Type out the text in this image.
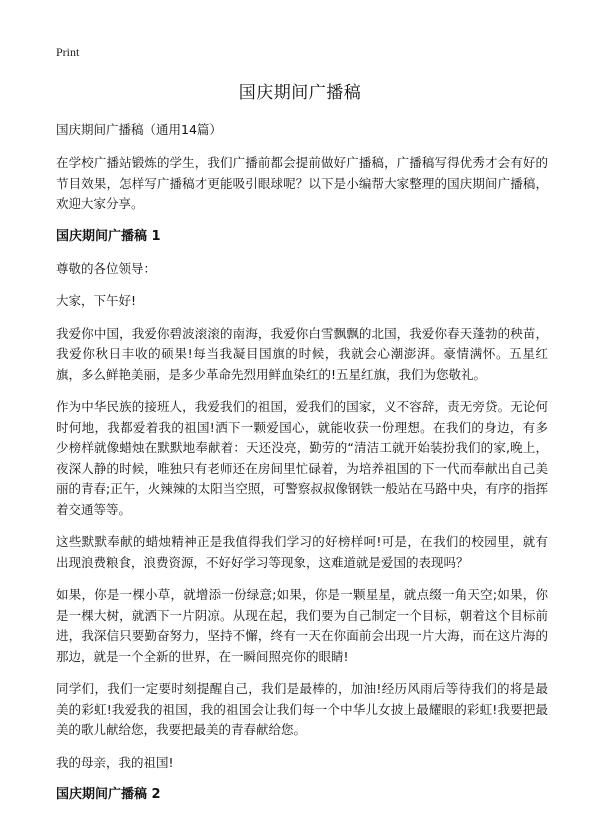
Print
国庆期间广播稿
国庆期间广播稿（通用14篇）

在学校广播站锻炼的学生，我们广播前都会提前做好广播稿，广播稿写得优秀才会有好的节目效果，怎样写广播稿才更能吸引眼球呢？以下是小编帮大家整理的国庆期间广播稿，欢迎大家分享。

国庆期间广播稿 1

尊敬的各位领导：

大家，下午好!

我爱你中国，我爱你碧波滚滚的南海，我爱你白雪飘飘的北国，我爱你春天蓬勃的秧苗，我爱你秋日丰收的硕果!每当我凝目国旗的时候，我就会心潮澎湃。豪情满怀。五星红旗，多么鲜艳美丽，是多少革命先烈用鲜血染红的!五星红旗，我们为您敬礼。

作为中华民族的接班人，我爱我们的祖国，爱我们的国家，义不容辞，责无旁贷。无论何时何地，我都爱着我的祖国!洒下一颗爱国心，就能收获一份理想。在我们的身边，有多少榜样就像蜡烛在默默地奉献着：天还没亮，勤劳的“清洁工就开始装扮我们的家,晚上，夜深人静的时候，唯独只有老师还在房间里忙碌着，为培养祖国的下一代而奉献出自己美丽的青春;正午，火辣辣的太阳当空照，可警察叔叔像钢铁一般站在马路中央，有序的指挥着交通等等。

这些默默奉献的蜡烛精神正是我值得我们学习的好榜样呵!可是，在我们的校园里，就有出现浪费粮食，浪费资源，不好好学习等现象，这难道就是爱国的表现吗？

如果，你是一棵小草，就增添一份绿意;如果，你是一颗星星，就点缀一角天空;如果，你是一棵大树，就洒下一片阴凉。从现在起，我们要为自己制定一个目标，朝着这个目标前进，我深信只要勤奋努力，坚持不懈，终有一天在你面前会出现一片大海，而在这片海的那边，就是一个全新的世界，在一瞬间照亮你的眼睛!

同学们，我们一定要时刻提醒自己，我们是最棒的，加油!经历风雨后等待我们的将是最美的彩虹!我爱我的祖国，我的祖国会让我们每一个中华儿女披上最耀眼的彩虹!我要把最美的歌儿献给您，我要把最美的青春献给您。

我的母亲，我的祖国!

国庆期间广播稿 2
